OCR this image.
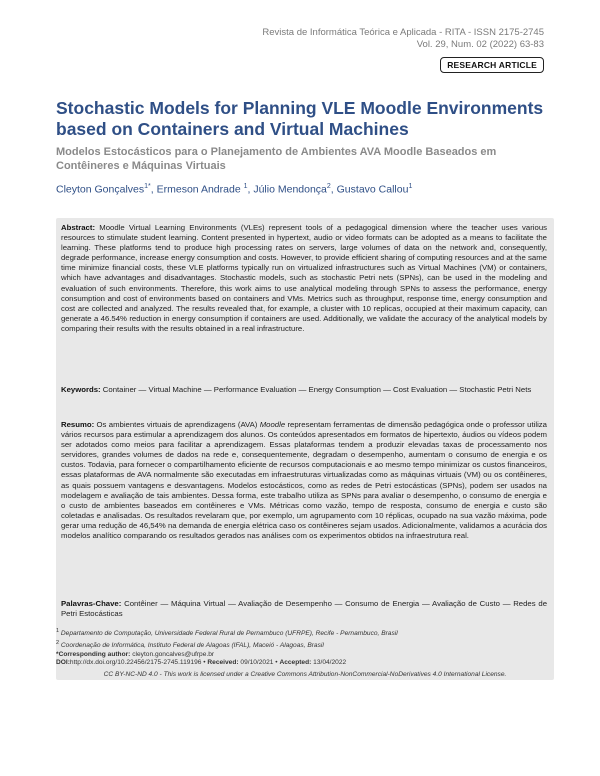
Revista de Informática Teórica e Aplicada - RITA - ISSN 2175-2745
Vol. 29, Num. 02 (2022) 63-83
RESEARCH ARTICLE
Stochastic Models for Planning VLE Moodle Environments based on Containers and Virtual Machines
Modelos Estocásticos para o Planejamento de Ambientes AVA Moodle Baseados em Contêineres e Máquinas Virtuais
Cleyton Gonçalves$^{1*}$, Ermeson Andrade $^1$, Júlio Mendonça$^2$, Gustavo Callou$^1$

Abstract: Moodle Virtual Learning Environments (VLEs) represent tools of a pedagogical dimension where the teacher uses various resources to stimulate student learning. Content presented in hypertext, audio or video formats can be adopted as a means to facilitate the learning. These platforms tend to produce high processing rates on servers, large volumes of data on the network and, consequently, degrade performance, increase energy consumption and costs. However, to provide efficient sharing of computing resources and at the same time minimize financial costs, these VLE platforms typically run on virtualized infrastructures such as Virtual Machines (VM) or containers, which have advantages and disadvantages. Stochastic models, such as stochastic Petri nets (SPNs), can be used in the modeling and evaluation of such environments. Therefore, this work aims to use analytical modeling through SPNs to assess the performance, energy consumption and cost of environments based on containers and VMs. Metrics such as throughput, response time, energy consumption and cost are collected and analyzed. The results revealed that, for example, a cluster with 10 replicas, occupied at their maximum capacity, can generate a 46.54% reduction in energy consumption if containers are used. Additionally, we validate the accuracy of the analytical models by comparing their results with the results obtained in a real infrastructure.

Keywords: Container — Virtual Machine — Performance Evaluation — Energy Consumption — Cost Evaluation — Stochastic Petri Nets

Resumo: Os ambientes virtuais de aprendizagens (AVA) Moodle representam ferramentas de dimensão pedagógica onde o professor utiliza vários recursos para estimular a aprendizagem dos alunos. Os conteúdos apresentados em formatos de hipertexto, áudios ou vídeos podem ser adotados como meios para facilitar a aprendizagem. Essas plataformas tendem a produzir elevadas taxas de processamento nos servidores, grandes volumes de dados na rede e, consequentemente, degradam o desempenho, aumentam o consumo de energia e os custos. Todavia, para fornecer o compartilhamento eficiente de recursos computacionais e ao mesmo tempo minimizar os custos financeiros, essas plataformas de AVA normalmente são executadas em infraestruturas virtualizadas como as máquinas virtuais (VM) ou os contêineres, as quais possuem vantagens e desvantagens. Modelos estocásticos, como as redes de Petri estocásticas (SPNs), podem ser usados na modelagem e avaliação de tais ambientes. Dessa forma, este trabalho utiliza as SPNs para avaliar o desempenho, o consumo de energia e o custo de ambientes baseados em contêineres e VMs. Métricas como vazão, tempo de resposta, consumo de energia e custo são coletadas e analisadas. Os resultados revelaram que, por exemplo, um agrupamento com 10 réplicas, ocupado na sua vazão máxima, pode gerar uma redução de 46,54% na demanda de energia elétrica caso os contêineres sejam usados. Adicionalmente, validamos a acurácia dos modelos analítico comparando os resultados gerados nas análises com os experimentos obtidos na infraestrutura real.

Palavras-Chave: Contêiner — Máquina Virtual — Avaliação de Desempenho — Consumo de Energia — Avaliação de Custo — Redes de Petri Estocásticas

$^1$ Departamento de Computação, Universidade Federal Rural de Pernambuco (UFRPE), Recife - Pernambuco, Brasil
$^2$ Coordenação de Informática, Instituto Federal de Alagoas (IFAL), Maceió - Alagoas, Brasil
*Corresponding author: cleyton.goncalves@ufrpe.br
DOI:http://dx.doi.org/10.22456/2175-2745.119196 • Received: 09/10/2021 • Accepted: 13/04/2022
CC BY-NC-ND 4.0 - This work is licensed under a Creative Commons Attribution-NonCommercial-NoDerivatives 4.0 International License.
